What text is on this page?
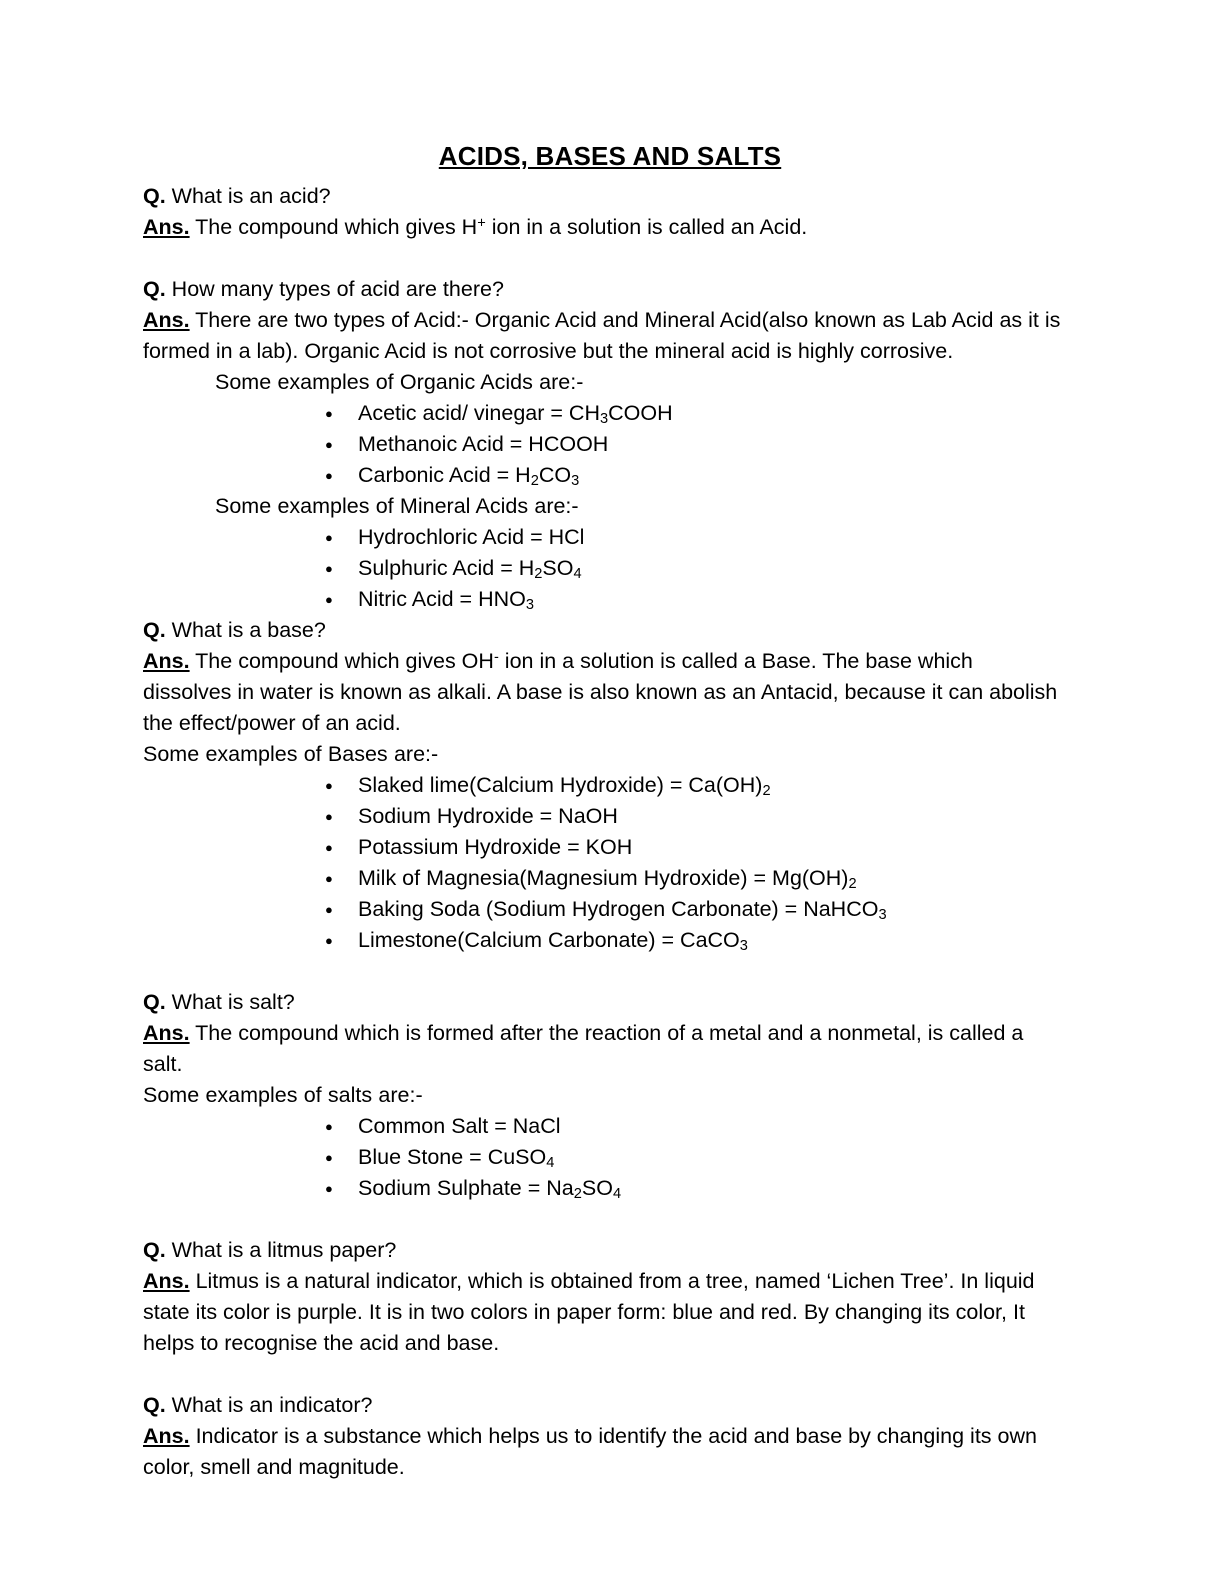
ACIDS, BASES AND SALTS

Q. What is an acid?

Ans. The compound which gives H+ ion in a solution is called an Acid.

Q. How many types of acid are there?

Ans. There are two types of Acid:- Organic Acid and Mineral Acid(also known as Lab Acid as it is formed in a lab). Organic Acid is not corrosive but the mineral acid is highly corrosive.

Some examples of Organic Acids are:-

● Acetic acid/ vinegar = $CH_3COOH$
● Methanoic Acid = HCOOH
● Carbonic Acid = $H_2CO_3$

Some examples of Mineral Acids are:-

● Hydrochloric Acid = HCl
● Sulphuric Acid = $H_2SO_4$
● Nitric Acid = $HNO_3$

Q. What is a base?

Ans. The compound which gives OH- ion in a solution is called a Base. The base which dissolves in water is known as alkali. A base is also known as an Antacid, because it can abolish the effect/power of an acid.

Some examples of Bases are:-

● Slaked lime(Calcium Hydroxide) = $Ca(OH)_2$
● Sodium Hydroxide = NaOH
● Potassium Hydroxide = KOH
● Milk of Magnesia(Magnesium Hydroxide) = $Mg(OH)_2$
● Baking Soda (Sodium Hydrogen Carbonate) = NaHCO$_3$
● Limestone(Calcium Carbonate) = CaCO$_3$

Q. What is salt?

Ans. The compound which is formed after the reaction of a metal and a nonmetal, is called a salt.

Some examples of salts are:-

● Common Salt = NaCl
● Blue Stone = CuSO$_4$
● Sodium Sulphate = $Na_2SO_4$

Q. What is a litmus paper?

Ans. Litmus is a natural indicator, which is obtained from a tree, named ‘Lichen Tree’. In liquid state its color is purple. It is in two colors in paper form: blue and red. By changing its color, It helps to recognise the acid and base.

Q. What is an indicator?

Ans. Indicator is a substance which helps us to identify the acid and base by changing its own color, smell and magnitude.
